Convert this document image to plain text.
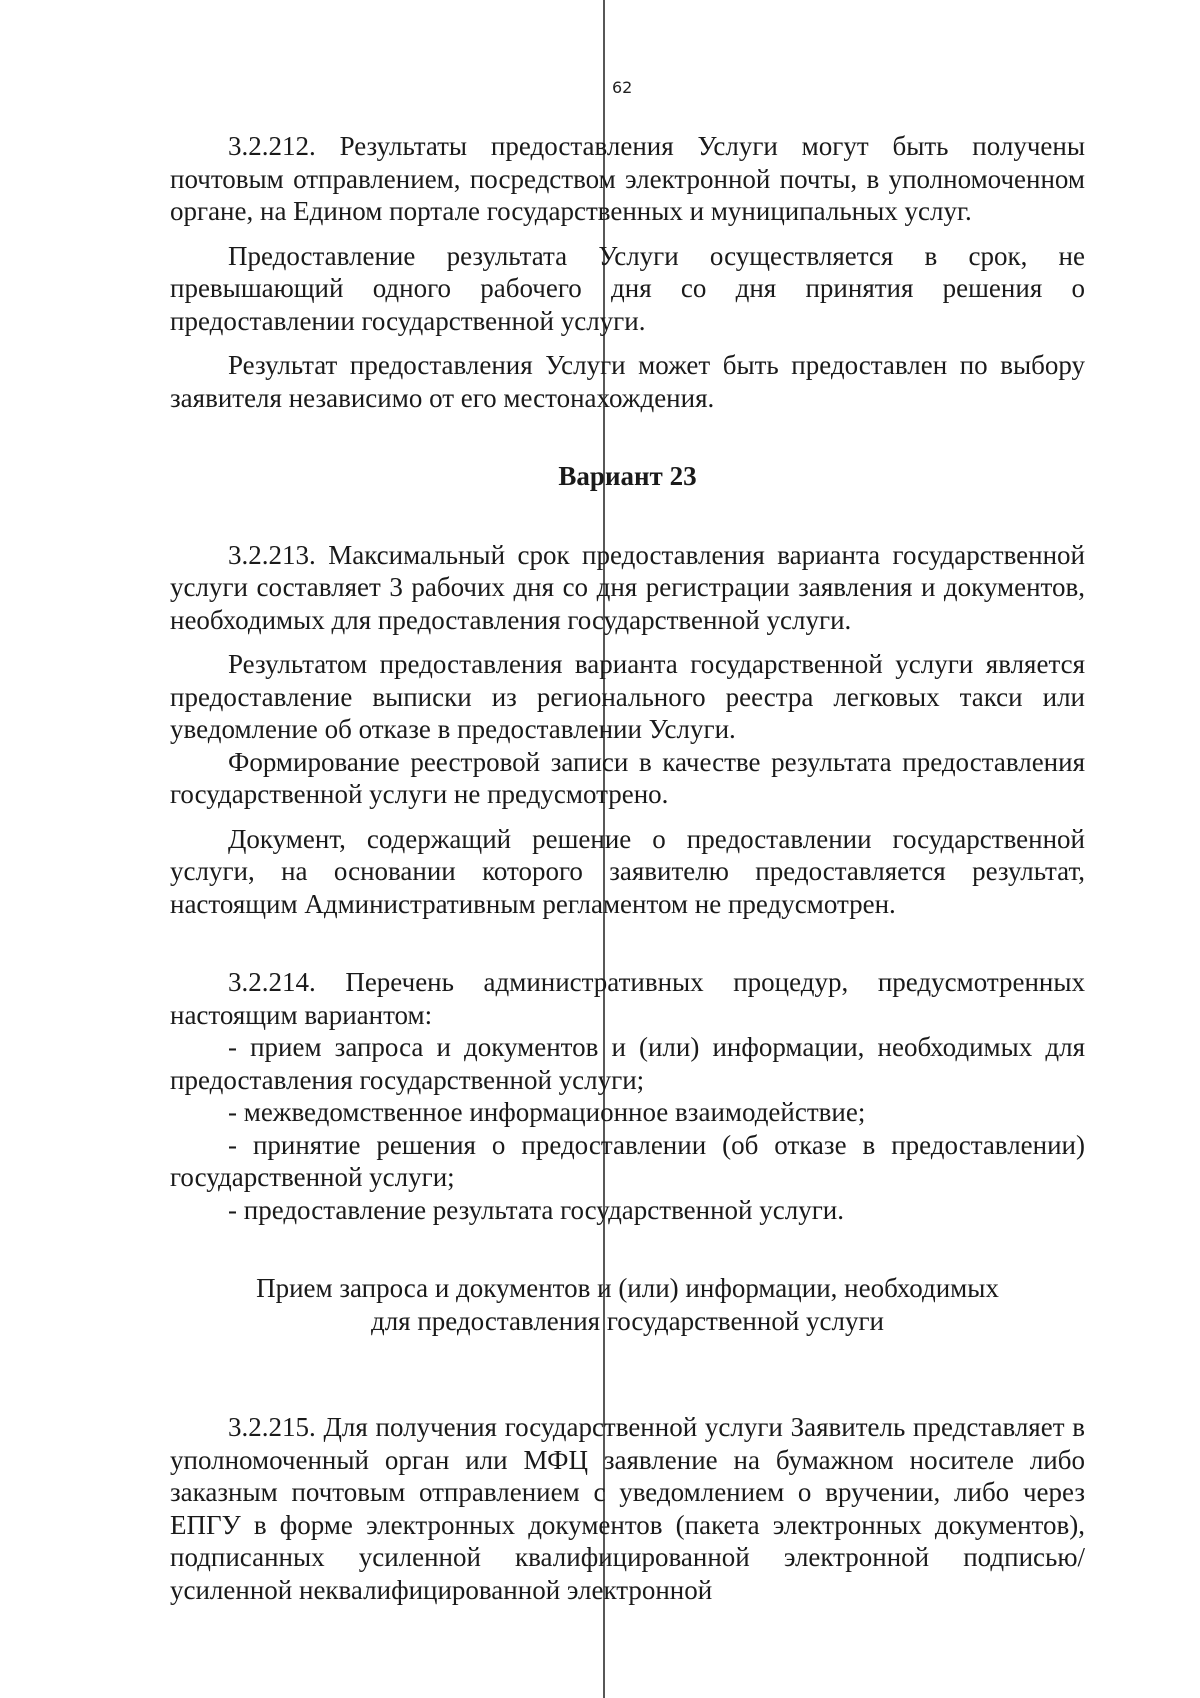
62

3.2.212. Результаты предоставления Услуги могут быть получены почтовым отправлением, посредством электронной почты, в уполномоченном органе, на Едином портале государственных и муниципальных услуг.

Предоставление результата Услуги осуществляется в срок, не превышающий одного рабочего дня со дня принятия решения о предоставлении государственной услуги.

Результат предоставления Услуги может быть предоставлен по выбору заявителя независимо от его местонахождения.

Вариант 23

3.2.213. Максимальный срок предоставления варианта государственной услуги составляет 3 рабочих дня со дня регистрации заявления и документов, необходимых для предоставления государственной услуги.

Результатом предоставления варианта государственной услуги является предоставление выписки из регионального реестра легковых такси или уведомление об отказе в предоставлении Услуги.

Формирование реестровой записи в качестве результата предоставления государственной услуги не предусмотрено.

Документ, содержащий решение о предоставлении государственной услуги, на основании которого заявителю предоставляется результат, настоящим Административным регламентом не предусмотрен.

3.2.214. Перечень административных процедур, предусмотренных настоящим вариантом:

- прием запроса и документов и (или) информации, необходимых для предоставления государственной услуги;

- межведомственное информационное взаимодействие;

- принятие решения о предоставлении (об отказе в предоставлении) государственной услуги;

- предоставление результата государственной услуги.

Прием запроса и документов и (или) информации, необходимых
для предоставления государственной услуги

3.2.215. Для получения государственной услуги Заявитель представляет в уполномоченный орган или МФЦ заявление на бумажном носителе либо заказным почтовым отправлением с уведомлением о вручении, либо через ЕПГУ в форме электронных документов (пакета электронных документов), подписанных усиленной квалифицированной электронной подписью/усиленной неквалифицированной электронной
